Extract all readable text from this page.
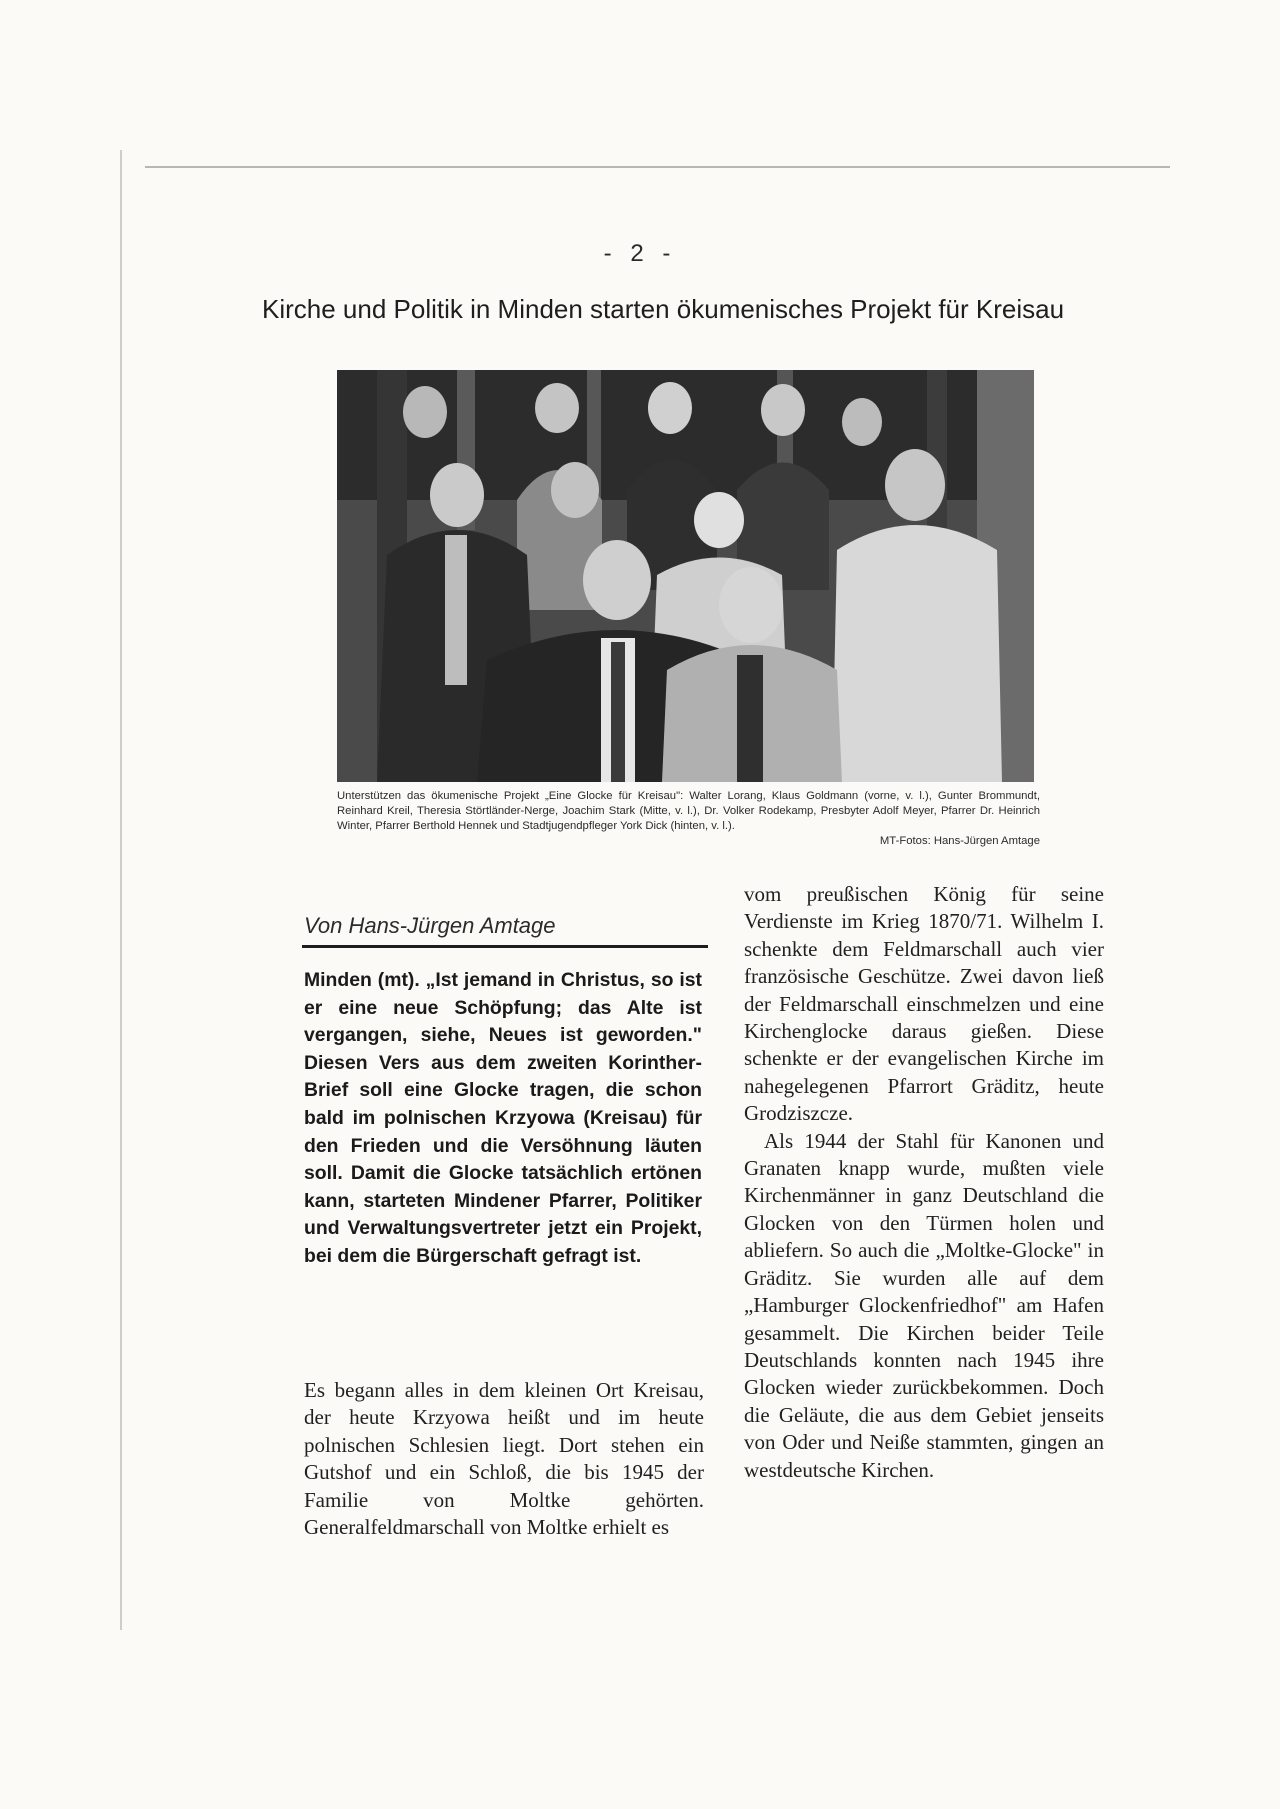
- 2 -
Kirche und Politik in Minden starten ökumenisches Projekt für Kreisau
Unterstützen das ökumenische Projekt „Eine Glocke für Kreisau": Walter Lorang, Klaus Goldmann (vorne, v. l.), Gunter Brommundt, Reinhard Kreil, Theresia Störtländer-Nerge, Joachim Stark (Mitte, v. l.), Dr. Volker Rodekamp, Presbyter Adolf Meyer, Pfarrer Dr. Heinrich Winter, Pfarrer Berthold Hennek und Stadtjugendpfleger York Dick (hinten, v. l.).
MT-Fotos: Hans-Jürgen Amtage
Von Hans-Jürgen Amtage

Minden (mt). „Ist jemand in Christus, so ist er eine neue Schöpfung; das Alte ist vergangen, siehe, Neues ist geworden." Diesen Vers aus dem zweiten Korinther-Brief soll eine Glocke tragen, die schon bald im polnischen Krzyowa (Kreisau) für den Frieden und die Versöhnung läuten soll. Damit die Glocke tatsächlich ertönen kann, starteten Mindener Pfarrer, Politiker und Verwaltungsvertreter jetzt ein Projekt, bei dem die Bürgerschaft gefragt ist.

Es begann alles in dem kleinen Ort Kreisau, der heute Krzyowa heißt und im heute polnischen Schlesien liegt. Dort stehen ein Gutshof und ein Schloß, die bis 1945 der Familie von Moltke gehörten. Generalfeldmarschall von Moltke erhielt es

vom preußischen König für seine Verdienste im Krieg 1870/71. Wilhelm I. schenkte dem Feldmarschall auch vier französische Geschütze. Zwei davon ließ der Feldmarschall einschmelzen und eine Kirchenglocke daraus gießen. Diese schenkte er der evangelischen Kirche im nahegelegenen Pfarrort Gräditz, heute Grodziszcze.

Als 1944 der Stahl für Kanonen und Granaten knapp wurde, mußten viele Kirchenmänner in ganz Deutschland die Glocken von den Türmen holen und abliefern. So auch die „Moltke-Glocke" in Gräditz. Sie wurden alle auf dem „Hamburger Glockenfriedhof" am Hafen gesammelt. Die Kirchen beider Teile Deutschlands konnten nach 1945 ihre Glocken wieder zurückbekommen. Doch die Geläute, die aus dem Gebiet jenseits von Oder und Neiße stammten, gingen an westdeutsche Kirchen.
